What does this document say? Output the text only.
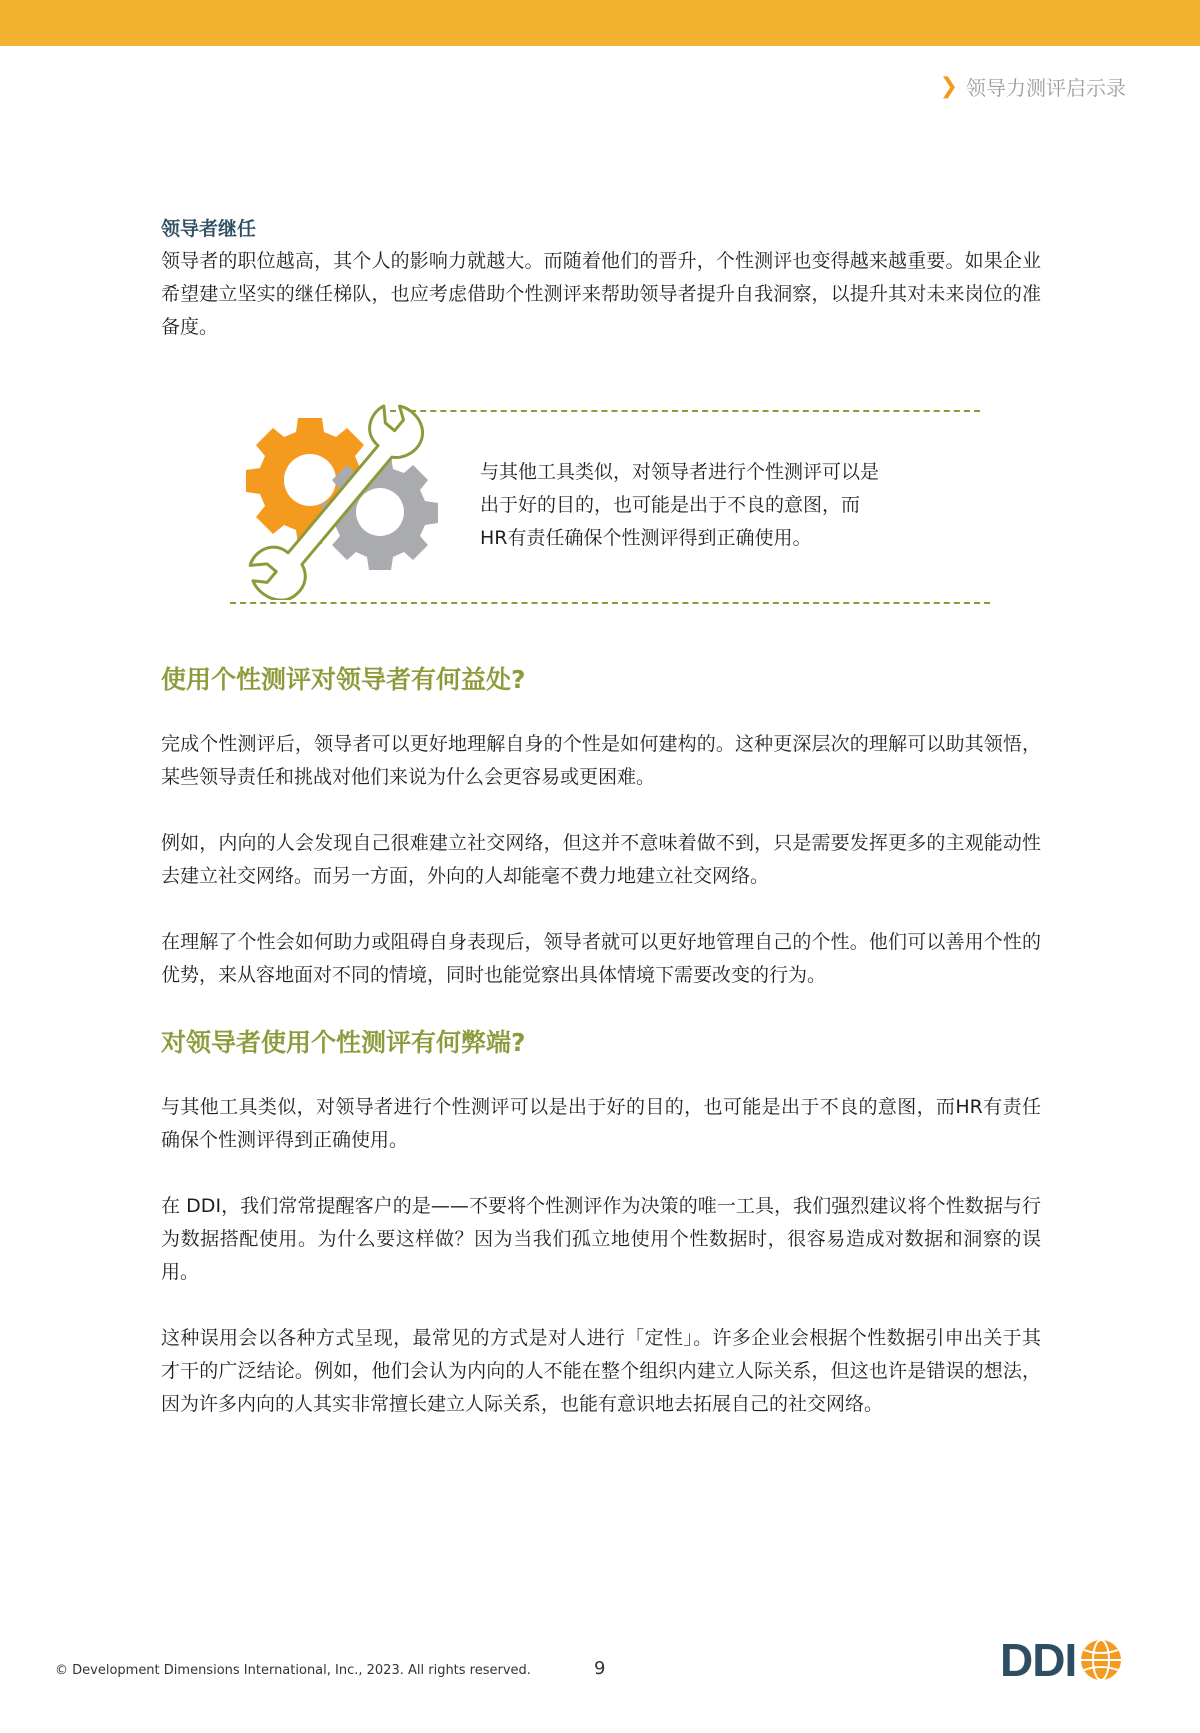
❯ 领导力测评启示录
领导者继任
领导者的职位越高，其个人的影响力就越大。而随着他们的晋升，个性测评也变得越来越重要。如果企业希望建立坚实的继任梯队，也应考虑借助个性测评来帮助领导者提升自我洞察，以提升其对未来岗位的准备度。
与其他工具类似，对领导者进行个性测评可以是出于好的目的，也可能是出于不良的意图，而HR有责任确保个性测评得到正确使用。
使用个性测评对领导者有何益处?
完成个性测评后，领导者可以更好地理解自身的个性是如何建构的。这种更深层次的理解可以助其领悟，某些领导责任和挑战对他们来说为什么会更容易或更困难。
例如，内向的人会发现自己很难建立社交网络，但这并不意味着做不到，只是需要发挥更多的主观能动性去建立社交网络。而另一方面，外向的人却能毫不费力地建立社交网络。
在理解了个性会如何助力或阻碍自身表现后，领导者就可以更好地管理自己的个性。他们可以善用个性的优势，来从容地面对不同的情境，同时也能觉察出具体情境下需要改变的行为。
对领导者使用个性测评有何弊端?
与其他工具类似，对领导者进行个性测评可以是出于好的目的，也可能是出于不良的意图，而HR有责任确保个性测评得到正确使用。
在 DDI，我们常常提醒客户的是——不要将个性测评作为决策的唯一工具，我们强烈建议将个性数据与行为数据搭配使用。为什么要这样做？因为当我们孤立地使用个性数据时，很容易造成对数据和洞察的误用。
这种误用会以各种方式呈现，最常见的方式是对人进行「定性」。许多企业会根据个性数据引申出关于其才干的广泛结论。例如，他们会认为内向的人不能在整个组织内建立人际关系，但这也许是错误的想法，因为许多内向的人其实非常擅长建立人际关系，也能有意识地去拓展自己的社交网络。
© Development Dimensions International, Inc., 2023. All rights reserved.	9	DDI
